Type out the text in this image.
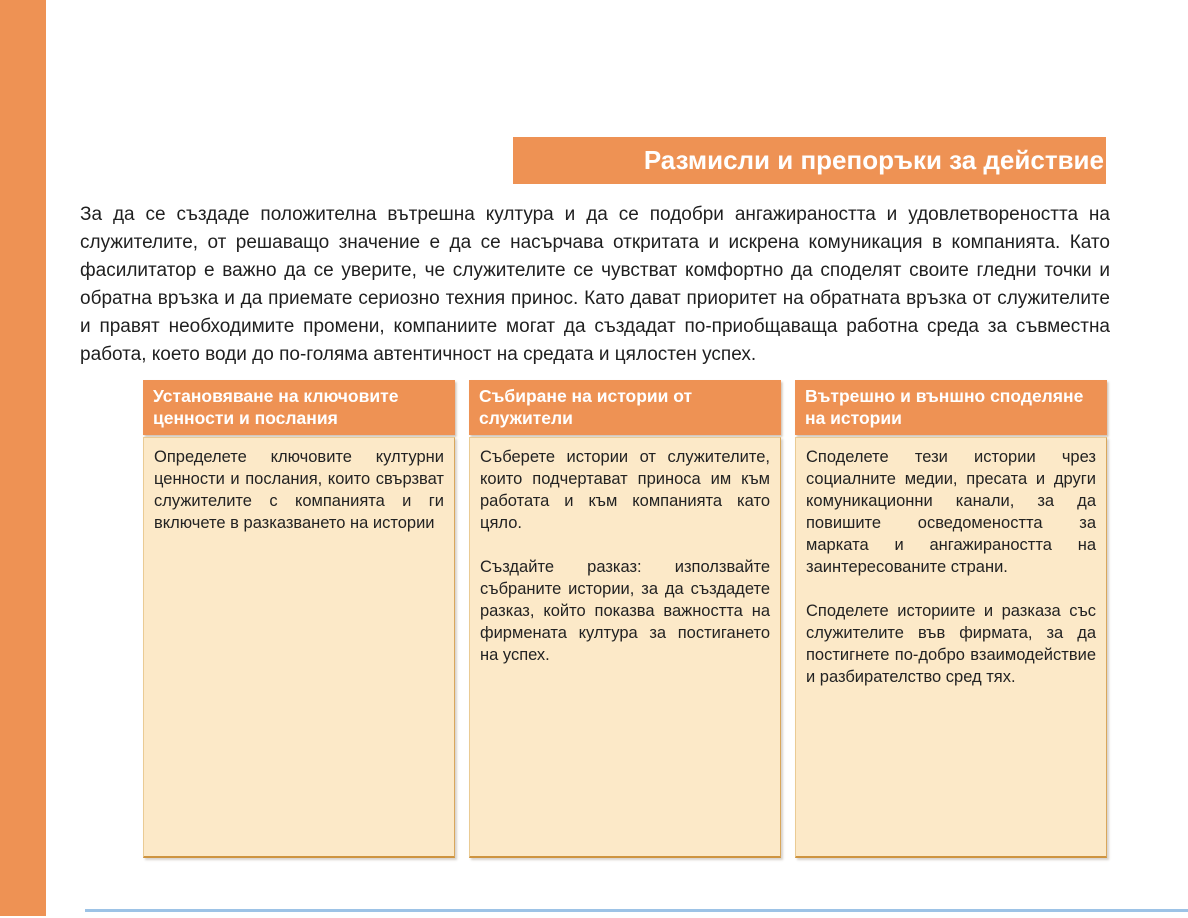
Размисли и препоръки за действие
За да се създаде положителна вътрешна култура и да се подобри ангажираността и удовлетвореността на служителите, от решаващо значение е да се насърчава откритата и искрена комуникация в компанията. Като фасилитатор е важно да се уверите, че служителите се чувстват комфортно да споделят своите гледни точки и обратна връзка и да приемате сериозно техния принос. Като дават приоритет на обратната връзка от служителите и правят необходимите промени, компаниите могат да създадат по-приобщаваща работна среда за съвместна работа, което води до по-голяма автентичност на средата и цялостен успех.
Установяване на ключовите ценности и послания

Определете ключовите културни ценности и послания, които свързват служителите с компанията и ги включете в разказването на истории

Събиране на истории от служители

Съберете истории от служителите, които подчертават приноса им към работата и към компанията като цяло.

Създайте разказ: използвайте събраните истории, за да създадете разказ, който показва важността на фирмената култура за постигането на успех.

Вътрешно и външно споделяне на истории

Споделете тези истории чрез социалните медии, пресата и други комуникационни канали, за да повишите осведомеността за марката и ангажираността на заинтересованите страни.

Споделете историите и разказа със служителите във фирмата, за да постигнете по-добро взаимодействие и разбирателство сред тях.
